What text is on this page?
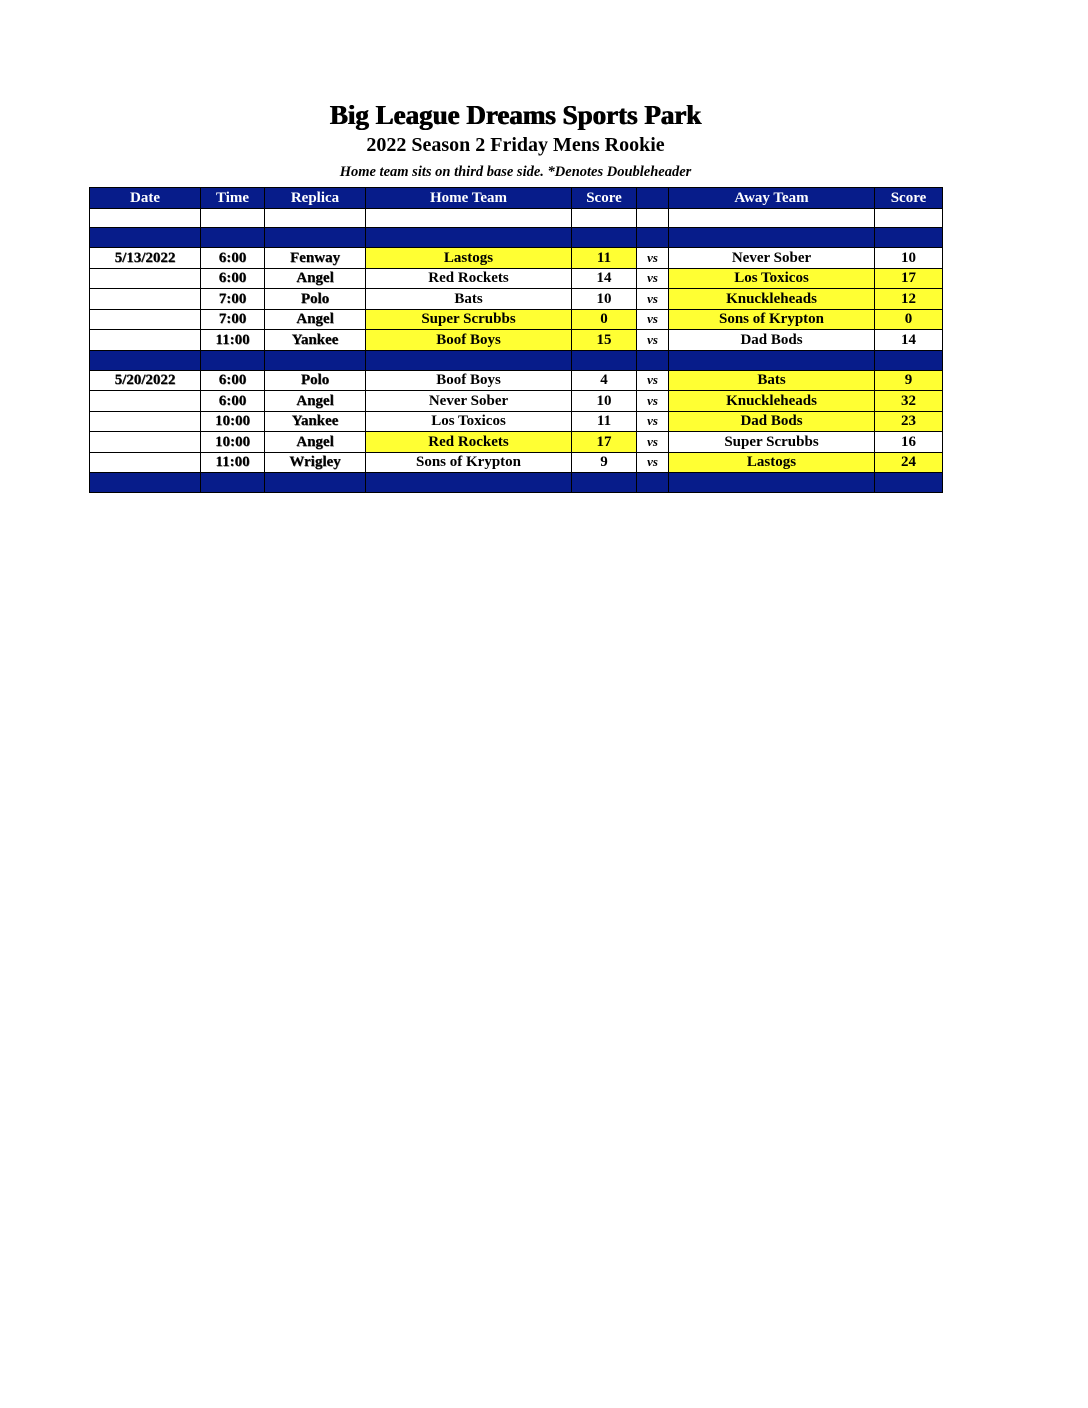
Big League Dreams Sports Park
2022 Season 2 Friday Mens Rookie
Home team sits on third base side. *Denotes Doubleheader
Date	Time	Replica	Home Team	Score		Away Team	Score

5/13/2022	6:00	Fenway	Lastogs	11	vs	Never Sober	10
	6:00	Angel	Red Rockets	14	vs	Los Toxicos	17
	7:00	Polo	Bats	10	vs	Knuckleheads	12
	7:00	Angel	Super Scrubbs	0	vs	Sons of Krypton	0
	11:00	Yankee	Boof Boys	15	vs	Dad Bods	14

5/20/2022	6:00	Polo	Boof Boys	4	vs	Bats	9
	6:00	Angel	Never Sober	10	vs	Knuckleheads	32
	10:00	Yankee	Los Toxicos	11	vs	Dad Bods	23
	10:00	Angel	Red Rockets	17	vs	Super Scrubbs	16
	11:00	Wrigley	Sons of Krypton	9	vs	Lastogs	24
